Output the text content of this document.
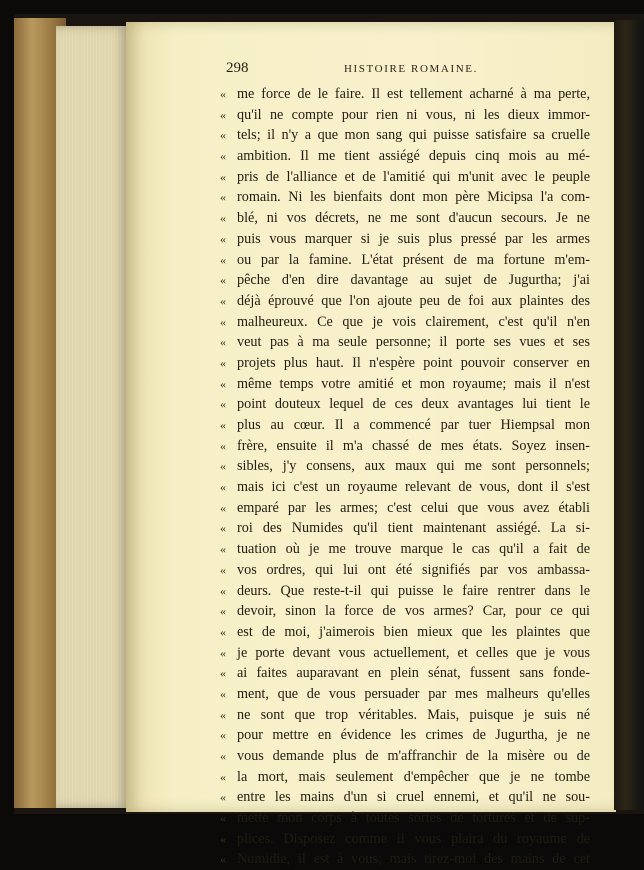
298	HISTOIRE ROMAINE.
« me force de le faire. Il est tellement acharné à ma perte,
« qu'il ne compte pour rien ni vous, ni les dieux immor-
« tels; il n'y a que mon sang qui puisse satisfaire sa cruelle
« ambition. Il me tient assiégé depuis cinq mois au mé-
« pris de l'alliance et de l'amitié qui m'unit avec le peuple
« romain. Ni les bienfaits dont mon père Micipsa l'a com-
« blé, ni vos décrets, ne me sont d'aucun secours. Je ne
« puis vous marquer si je suis plus pressé par les armes
« ou par la famine. L'état présent de ma fortune m'em-
« pêche d'en dire davantage au sujet de Jugurtha; j'ai
« déjà éprouvé que l'on ajoute peu de foi aux plaintes des
« malheureux. Ce que je vois clairement, c'est qu'il n'en
« veut pas à ma seule personne; il porte ses vues et ses
« projets plus haut. Il n'espère point pouvoir conserver en
« même temps votre amitié et mon royaume; mais il n'est
« point douteux lequel de ces deux avantages lui tient le
« plus au cœur. Il a commencé par tuer Hiempsal mon
« frère, ensuite il m'a chassé de mes états. Soyez insen-
« sibles, j'y consens, aux maux qui me sont personnels;
« mais ici c'est un royaume relevant de vous, dont il s'est
« emparé par les armes; c'est celui que vous avez établi
« roi des Numides qu'il tient maintenant assiégé. La si-
« tuation où je me trouve marque le cas qu'il a fait de
« vos ordres, qui lui ont été signifiés par vos ambassa-
« deurs. Que reste-t-il qui puisse le faire rentrer dans le
« devoir, sinon la force de vos armes? Car, pour ce qui
« est de moi, j'aimerois bien mieux que les plaintes que
« je porte devant vous actuellement, et celles que je vous
« ai faites auparavant en plein sénat, fussent sans fonde-
« ment, que de vous persuader par mes malheurs qu'elles
« ne sont que trop véritables. Mais, puisque je suis né
« pour mettre en évidence les crimes de Jugurtha, je ne
« vous demande plus de m'affranchir de la misère ou de
« la mort, mais seulement d'empêcher que je ne tombe
« entre les mains d'un si cruel ennemi, et qu'il ne sou-
« mette mon corps à toutes sortes de tortures et de sup-
« plices. Disposez comme il vous plaira du royaume de
« Numidie, il est à vous; mais tirez-moi des mains de cet
